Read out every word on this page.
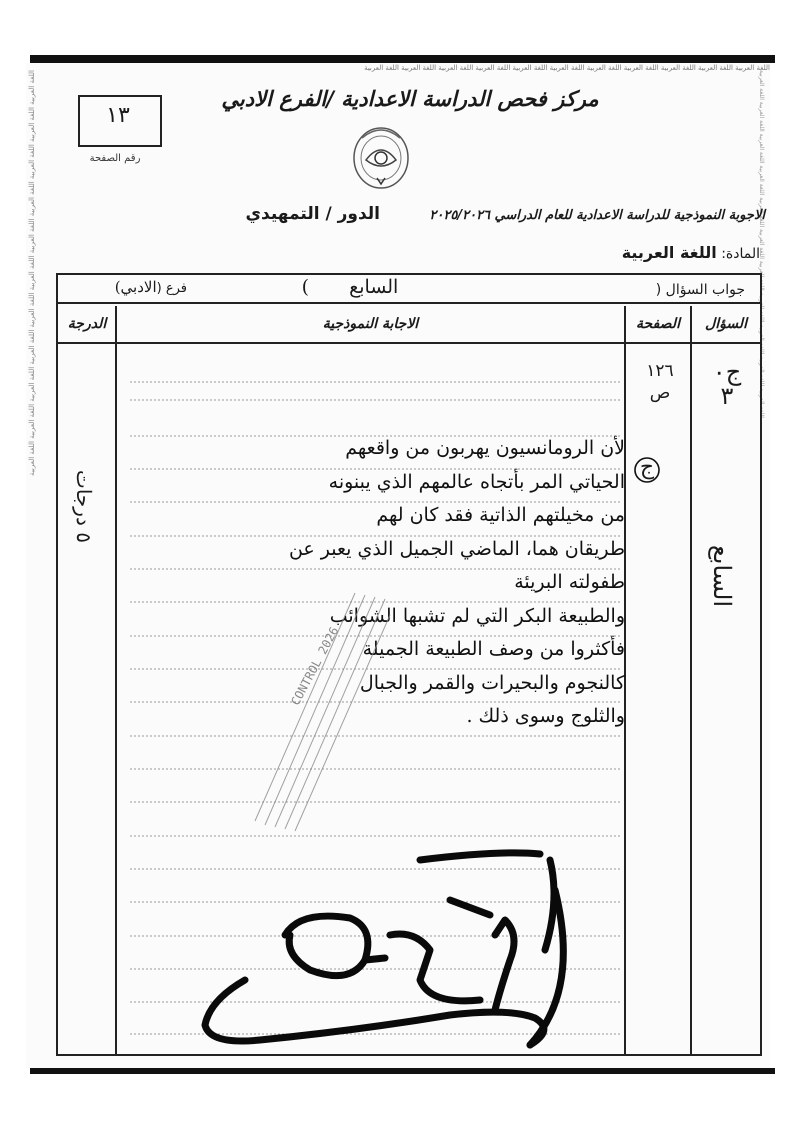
اللغة العربية اللغة العربية اللغة العربية اللغة العربية اللغة العربية اللغة العربية اللغة العربية اللغة العربية اللغة العربية اللغة العربية اللغة العربية
اللغة العربية اللغة العربية اللغة العربية اللغة العربية اللغة العربية اللغة العربية اللغة العربية اللغة العربية اللغة العربية اللغة العربية اللغة العربية	اللغة العربية اللغة العربية اللغة العربية اللغة العربية اللغة العربية اللغة العربية اللغة العربية اللغة العربية اللغة العربية اللغة العربية اللغة العربية
مركز فحص الدراسة الاعدادية /الفرع الادبي
١٣
رقم الصفحة
الاجوبة النموذجية للدراسة الاعدادية للعام الدراسي ٢٠٢٥/٢٠٢٦
الدور / التمهيدي
المادة: اللغة العربية
جواب السؤال (
السابع )
فرع (الادبي)
السؤال
الصفحة
الاجابة النموذجية
الدرجة
ج٠
٣
١٢٦
ص
ج
لأن الرومانسيون يهربون من واقعهم
الحياتي المر بأتجاه عالمهم الذي يبنونه
من مخيلتهم الذاتية فقد كان لهم
طريقان هما، الماضي الجميل الذي يعبر عن
طفولته البريئة
والطبيعة البكر التي لم تشبها الشوائب
فأكثروا من وصف الطبيعة الجميلة
كالنجوم والبحيرات والقمر والجبال
والثلوج وسوى ذلك .
٥ درجات
السابع
CONTROL 2026
